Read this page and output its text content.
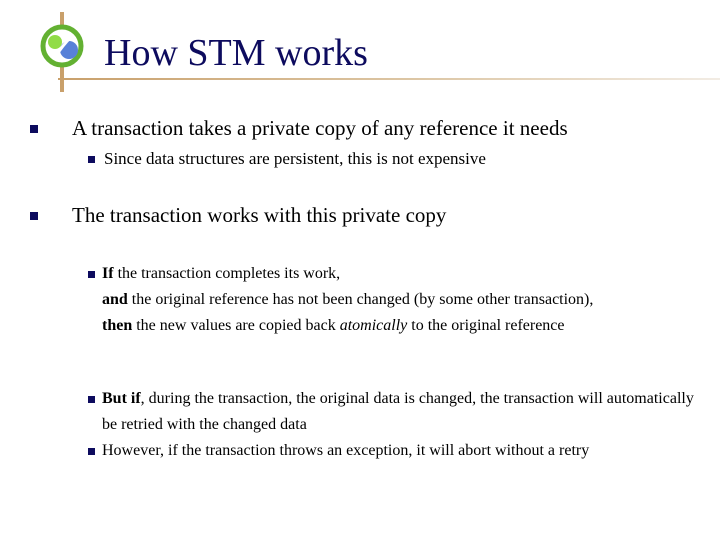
How STM works
A transaction takes a private copy of any reference it needs
Since data structures are persistent, this is not expensive
The transaction works with this private copy
If the transaction completes its work,
and the original reference has not been changed (by some other transaction),
then the new values are copied back atomically to the original reference
But if, during the transaction, the original data is changed, the transaction will automatically be retried with the changed data
However, if the transaction throws an exception, it will abort without a retry
